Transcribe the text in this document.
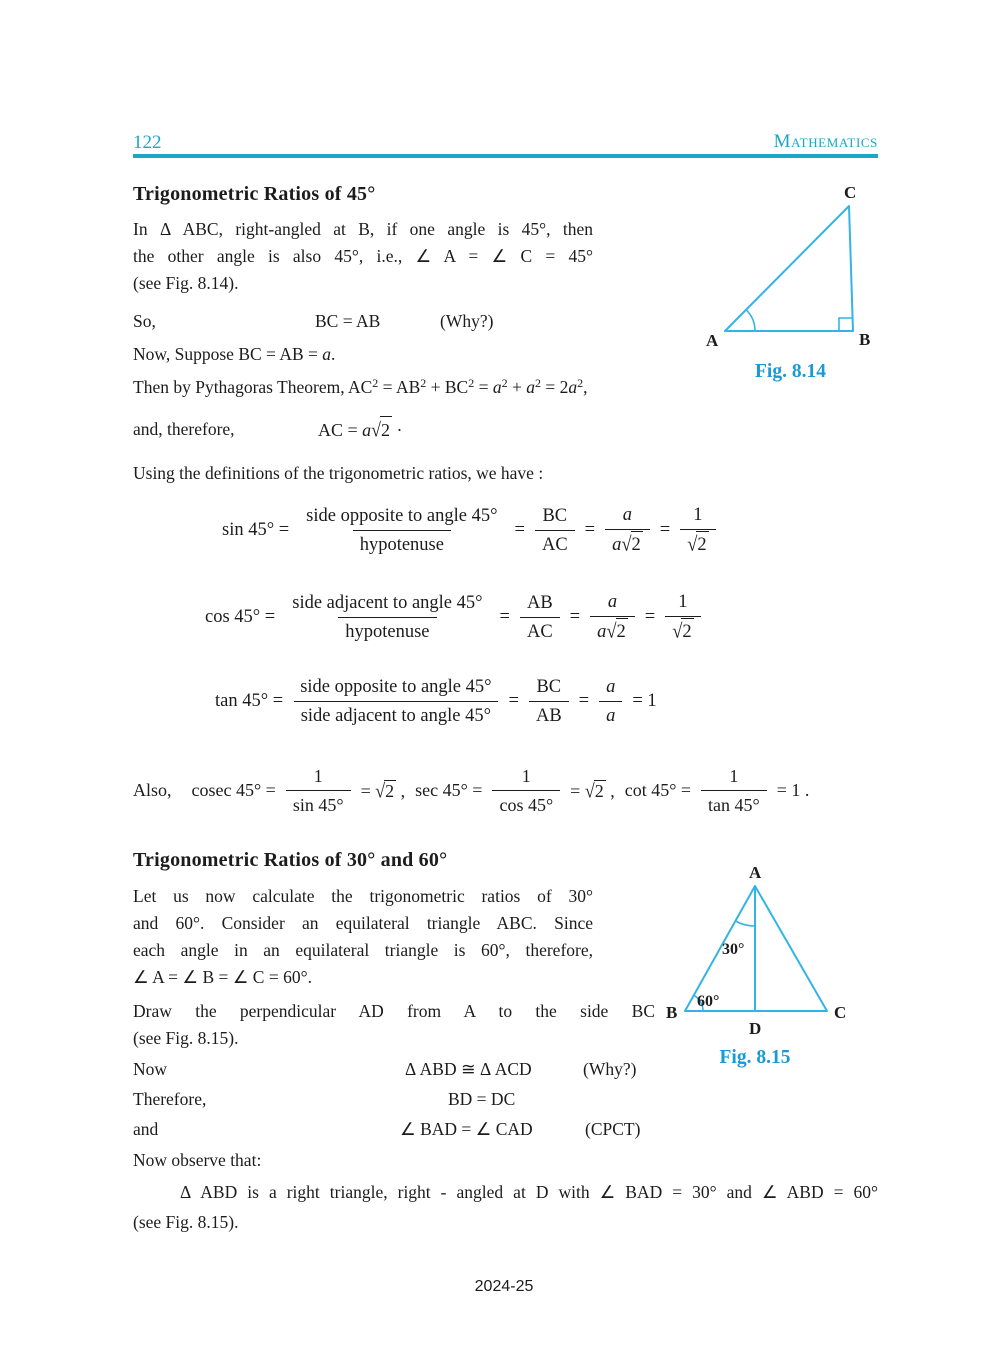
122	Mathematics
A	B
C
Fig. 8.14
Trigonometric Ratios of 45°
In Δ ABC, right-angled at B, if one angle is 45°, then
the other angle is also 45°, i.e., ∠ A = ∠ C = 45°
(see Fig. 8.14).
So,	BC = AB	(Why?)
Now, Suppose BC = AB = a.
Then by Pythagoras Theorem, $AC^2 = AB^2 + BC^2 = a^2 + a^2 = 2a^2$,
and, therefore,	AC = a√2 ·
Using the definitions of the trigonometric ratios, we have :
$\sin 45^\circ = \frac{\text{side opposite to angle 45°}}{\text{hypotenuse}} = \frac{BC}{AC} = \frac{a}{a√2} = \frac{1}{√2}$
$\cos 45^\circ = \frac{\text{side adjacent to angle 45°}}{\text{hypotenuse}} = \frac{AB}{AC} = \frac{a}{a√2} = \frac{1}{√2}$
$\tan 45^\circ = \frac{\text{side opposite to angle 45°}}{\text{side adjacent to angle 45°}} = \frac{BC}{AB} = \frac{a}{a} = 1$
Also, cosec $45^\circ = \frac{1}{\sin 45^\circ} = √2$ , $\sec 45^\circ = \frac{1}{\cos 45^\circ} = √2$ , $\cot 45^\circ = \frac{1}{\tan 45^\circ} = 1$ .
Trigonometric Ratios of 30° and 60°
Let us now calculate the trigonometric ratios of 30°
and 60°. Consider an equilateral triangle ABC. Since
each angle in an equilateral triangle is 60°, therefore,
∠ A = ∠ B = ∠ C = 60°.
A
B	C
D
30°
60°
Fig. 8.15
Draw the perpendicular AD from A to the side BC
(see Fig. 8.15).
Now	Δ ABD ≅ Δ ACD	(Why?)
Therefore,	BD = DC
and	∠ BAD = ∠ CAD	(CPCT)
Now observe that:
Δ ABD is a right triangle, right - angled at D with ∠ BAD = 30° and ∠ ABD = 60°
(see Fig. 8.15).
2024-25
